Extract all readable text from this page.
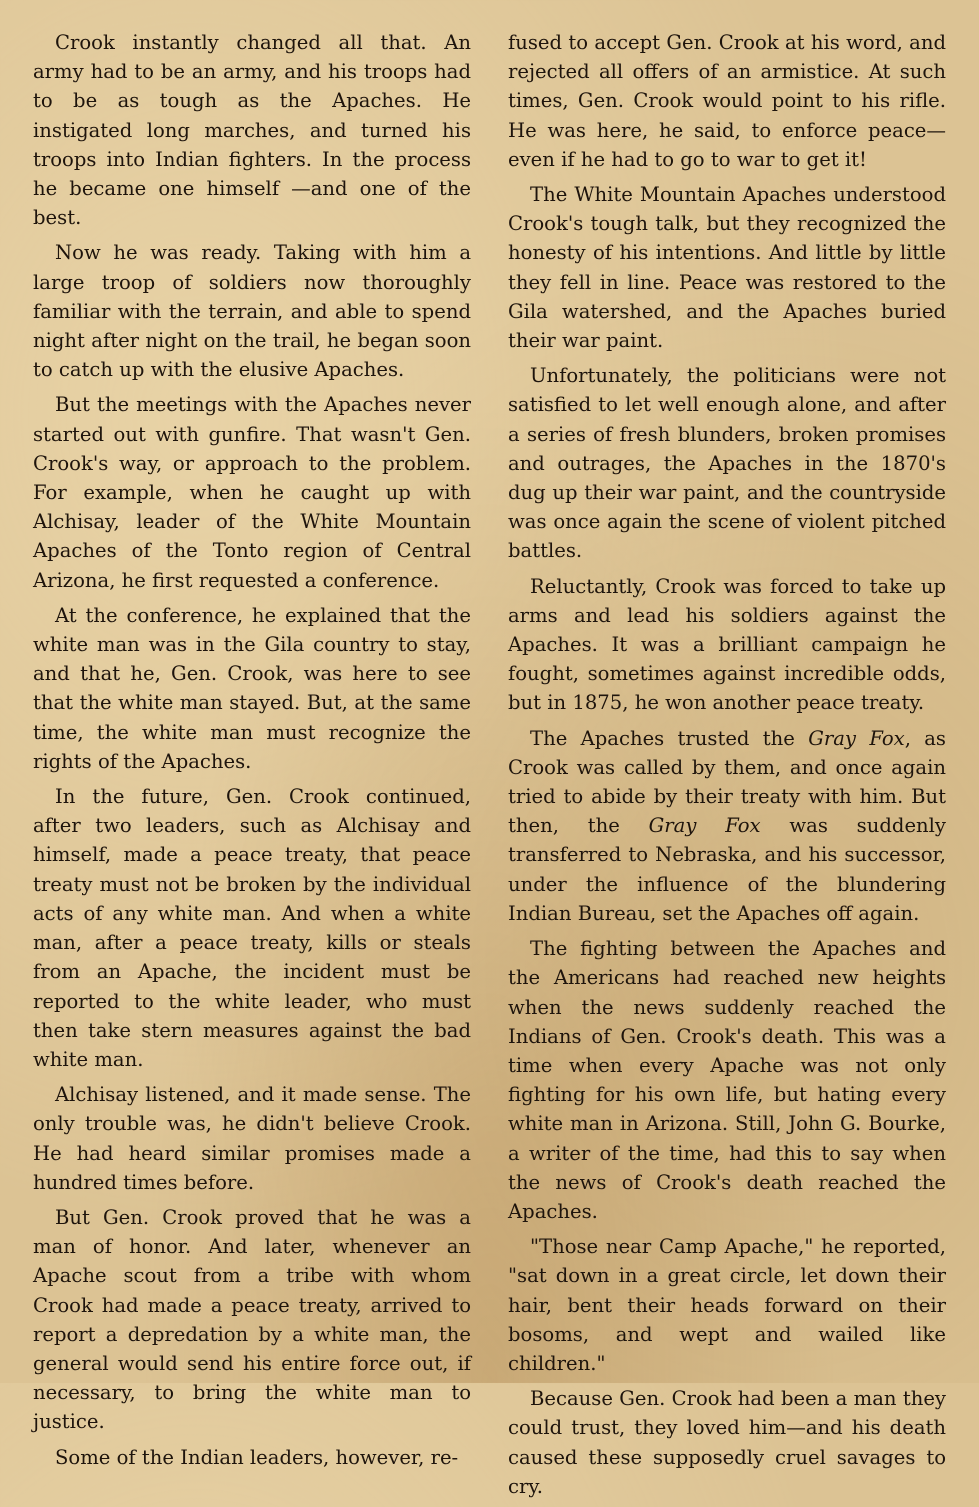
Crook instantly changed all that. An army had to be an army, and his troops had to be as tough as the Apaches. He instigated long marches, and turned his troops into Indian fighters. In the process he became one himself —and one of the best.

Now he was ready. Taking with him a large troop of soldiers now thoroughly familiar with the terrain, and able to spend night after night on the trail, he began soon to catch up with the elusive Apaches.

But the meetings with the Apaches never started out with gunfire. That wasn't Gen. Crook's way, or approach to the problem. For example, when he caught up with Alchisay, leader of the White Mountain Apaches of the Tonto region of Central Arizona, he first requested a conference.

At the conference, he explained that the white man was in the Gila country to stay, and that he, Gen. Crook, was here to see that the white man stayed. But, at the same time, the white man must recognize the rights of the Apaches.

In the future, Gen. Crook continued, after two leaders, such as Alchisay and himself, made a peace treaty, that peace treaty must not be broken by the individual acts of any white man. And when a white man, after a peace treaty, kills or steals from an Apache, the incident must be reported to the white leader, who must then take stern measures against the bad white man.

Alchisay listened, and it made sense. The only trouble was, he didn't believe Crook. He had heard similar promises made a hundred times before.

But Gen. Crook proved that he was a man of honor. And later, whenever an Apache scout from a tribe with whom Crook had made a peace treaty, arrived to report a depredation by a white man, the general would send his entire force out, if necessary, to bring the white man to justice.

Some of the Indian leaders, however, re-

fused to accept Gen. Crook at his word, and rejected all offers of an armistice. At such times, Gen. Crook would point to his rifle. He was here, he said, to enforce peace—even if he had to go to war to get it!

The White Mountain Apaches understood Crook's tough talk, but they recognized the honesty of his intentions. And little by little they fell in line. Peace was restored to the Gila watershed, and the Apaches buried their war paint.

Unfortunately, the politicians were not satisfied to let well enough alone, and after a series of fresh blunders, broken promises and outrages, the Apaches in the 1870's dug up their war paint, and the countryside was once again the scene of violent pitched battles.

Reluctantly, Crook was forced to take up arms and lead his soldiers against the Apaches. It was a brilliant campaign he fought, sometimes against incredible odds, but in 1875, he won another peace treaty.

The Apaches trusted the Gray Fox, as Crook was called by them, and once again tried to abide by their treaty with him. But then, the Gray Fox was suddenly transferred to Nebraska, and his successor, under the influence of the blundering Indian Bureau, set the Apaches off again.

The fighting between the Apaches and the Americans had reached new heights when the news suddenly reached the Indians of Gen. Crook's death. This was a time when every Apache was not only fighting for his own life, but hating every white man in Arizona. Still, John G. Bourke, a writer of the time, had this to say when the news of Crook's death reached the Apaches.

"Those near Camp Apache," he reported, "sat down in a great circle, let down their hair, bent their heads forward on their bosoms, and wept and wailed like children."

Because Gen. Crook had been a man they could trust, they loved him—and his death caused these supposedly cruel savages to cry.
